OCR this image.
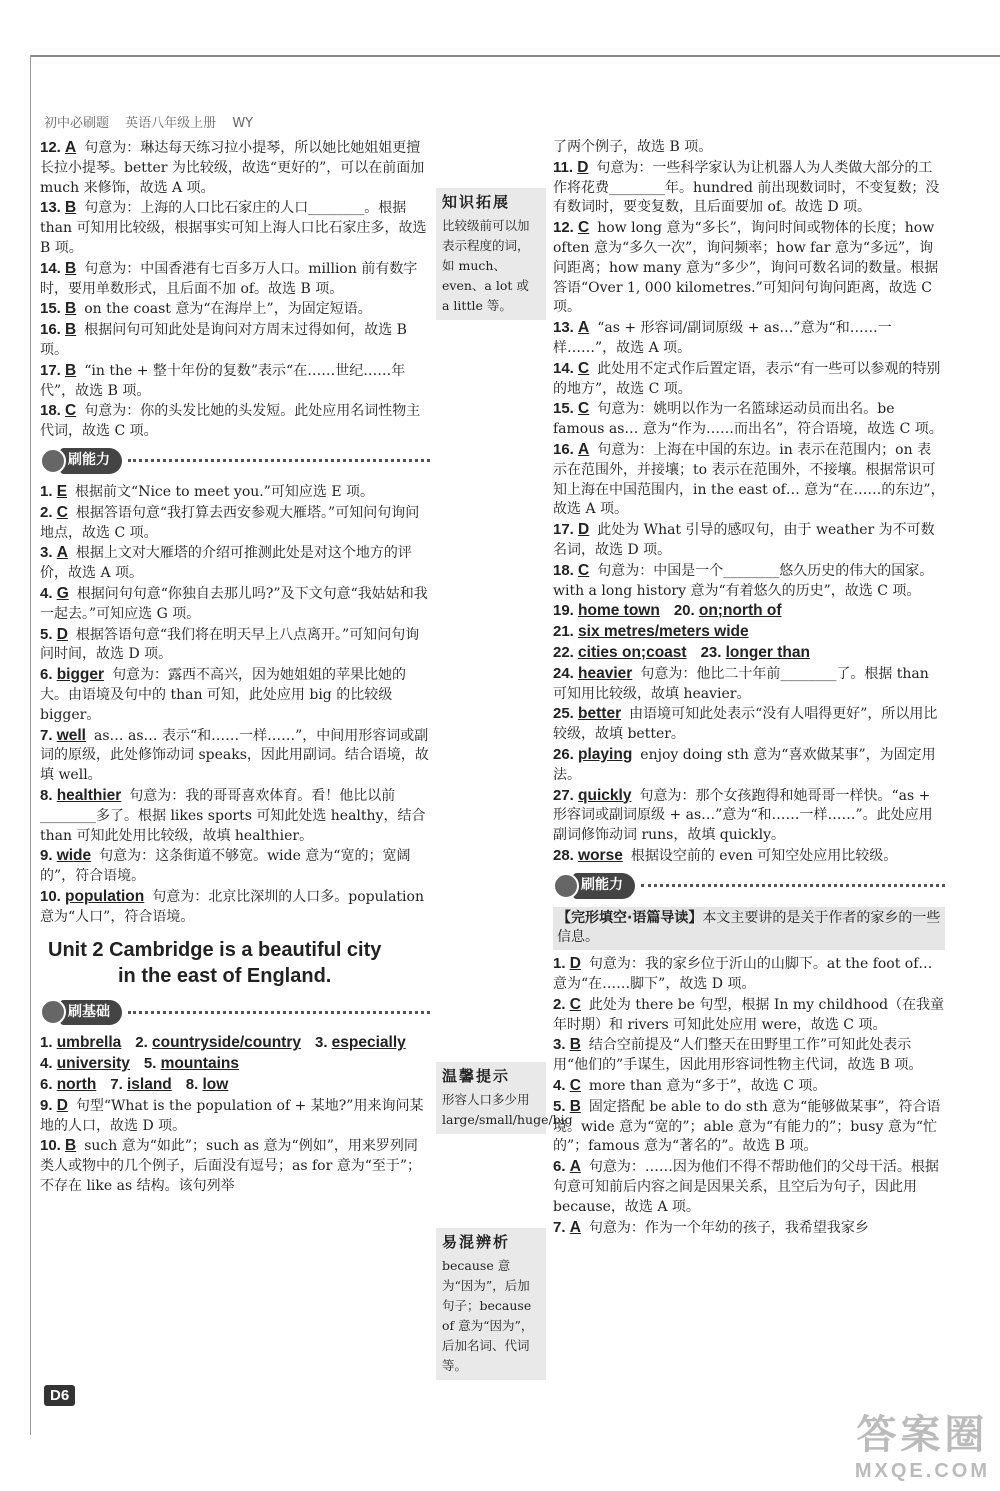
初中必刷题 英语八年级上册 WY
12. A 句意为：琳达每天练习拉小提琴，所以她比她姐姐更擅长拉小提琴。better 为比较级，故选“更好的”，可以在前面加 much 来修饰，故选 A 项。
13. B 句意为：上海的人口比石家庄的人口________。根据 than 可知用比较级，根据事实可知上海人口比石家庄多，故选 B 项。
14. B 句意为：中国香港有七百多万人口。million 前有数字时，要用单数形式，且后面不加 of。故选 B 项。
15. B on the coast 意为“在海岸上”，为固定短语。
16. B 根据问句可知此处是询问对方周末过得如何，故选 B 项。
17. B “in the + 整十年份的复数”表示“在……世纪……年代”，故选 B 项。
18. C 句意为：你的头发比她的头发短。此处应用名词性物主代词，故选 C 项。
刷能力
1. E 根据前文“Nice to meet you.”可知应选 E 项。
2. C 根据答语句意“我打算去西安参观大雁塔。”可知问句询问地点，故选 C 项。
3. A 根据上文对大雁塔的介绍可推测此处是对这个地方的评价，故选 A 项。
4. G 根据问句句意“你独自去那儿吗?”及下文句意“我姑姑和我一起去。”可知应选 G 项。
5. D 根据答语句意“我们将在明天早上八点离开。”可知问句询问时间，故选 D 项。
6. bigger 句意为：露西不高兴，因为她姐姐的苹果比她的大。由语境及句中的 than 可知，此处应用 big 的比较级 bigger。
7. well as… as… 表示“和……一样……”，中间用形容词或副词的原级，此处修饰动词 speaks，因此用副词。结合语境，故填 well。
8. healthier 句意为：我的哥哥喜欢体育。看！他比以前________多了。根据 likes sports 可知此处选 healthy，结合 than 可知此处用比较级，故填 healthier。
9. wide 句意为：这条街道不够宽。wide 意为“宽的；宽阔的”，符合语境。
10. population 句意为：北京比深圳的人口多。population 意为“人口”，符合语境。
Unit 2 Cambridge is a beautiful city
in the east of England.
刷基础
1. umbrella 2. countryside/country 3. especially
4. university 5. mountains
6. north 7. island 8. low
9. D 句型“What is the population of + 某地?”用来询问某地的人口，故选 D 项。
10. B such 意为“如此”；such as 意为“例如”，用来罗列同类人或物中的几个例子，后面没有逗号；as for 意为“至于”；不存在 like as 结构。该句列举
知识拓展
比较级前可以加表示程度的词，如 much、even、a lot 或 a little 等。
温馨提示
形容人口多少用 large/small/huge/big
易混辨析
because 意为“因为”，后加句子；because of 意为“因为”，后加名词、代词等。
了两个例子，故选 B 项。
11. D 句意为：一些科学家认为让机器人为人类做大部分的工作将花费________年。hundred 前出现数词时，不变复数；没有数词时，要变复数，且后面要加 of。故选 D 项。
12. C how long 意为“多长”，询问时间或物体的长度；how often 意为“多久一次”，询问频率；how far 意为“多远”，询问距离；how many 意为“多少”，询问可数名词的数量。根据答语“Over 1, 000 kilometres.”可知问句询问距离，故选 C 项。
13. A “as + 形容词/副词原级 + as…”意为“和……一样……”，故选 A 项。
14. C 此处用不定式作后置定语，表示“有一些可以参观的特别的地方”，故选 C 项。
15. C 句意为：姚明以作为一名篮球运动员而出名。be famous as… 意为“作为……而出名”，符合语境，故选 C 项。
16. A 句意为：上海在中国的东边。in 表示在范围内；on 表示在范围外，并接壤；to 表示在范围外，不接壤。根据常识可知上海在中国范围内，in the east of… 意为“在……的东边”，故选 A 项。
17. D 此处为 What 引导的感叹句，由于 weather 为不可数名词，故选 D 项。
18. C 句意为：中国是一个________悠久历史的伟大的国家。with a long history 意为“有着悠久的历史”，故选 C 项。
19. home town 20. on;north of
21. six metres/meters wide
22. cities on;coast 23. longer than
24. heavier 句意为：他比二十年前________了。根据 than 可知用比较级，故填 heavier。
25. better 由语境可知此处表示“没有人唱得更好”，所以用比较级，故填 better。
26. playing enjoy doing sth 意为“喜欢做某事”，为固定用法。
27. quickly 句意为：那个女孩跑得和她哥哥一样快。“as + 形容词或副词原级 + as…”意为“和……一样……”。此处应用副词修饰动词 runs，故填 quickly。
28. worse 根据设空前的 even 可知空处应用比较级。
刷能力
【完形填空·语篇导读】本文主要讲的是关于作者的家乡的一些信息。
1. D 句意为：我的家乡位于沂山的山脚下。at the foot of… 意为“在……脚下”，故选 D 项。
2. C 此处为 there be 句型，根据 In my childhood（在我童年时期）和 rivers 可知此处应用 were，故选 C 项。
3. B 结合空前提及“人们整天在田野里工作”可知此处表示用“他们的”手谋生，因此用形容词性物主代词，故选 B 项。
4. C more than 意为“多于”，故选 C 项。
5. B 固定搭配 be able to do sth 意为“能够做某事”，符合语境。wide 意为“宽的”；able 意为“有能力的”；busy 意为“忙的”；famous 意为“著名的”。故选 B 项。
6. A 句意为：……因为他们不得不帮助他们的父母干活。根据句意可知前后内容之间是因果关系，且空后为句子，因此用 because，故选 A 项。
7. A 句意为：作为一个年幼的孩子，我希望我家乡
D6
答案圈
MXQE.COM
